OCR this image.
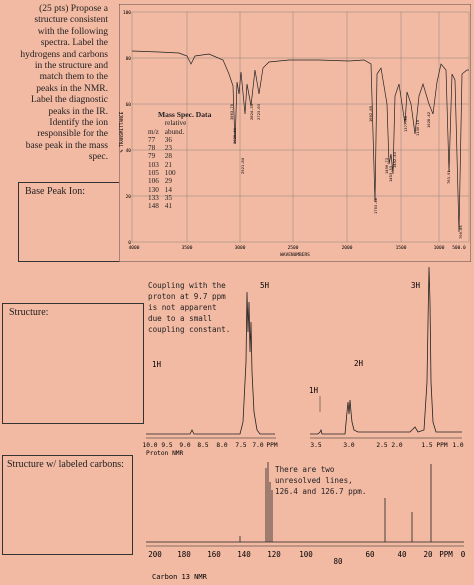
(25 pts) Propose a
structure consistent
with the following
spectra. Label the
hydrogens and carbons
in the structure and
match them to the
peaks in the NMR.
Label the diagnostic
peaks in the IR.
Identify the ion
responsible for the
base peak in the mass
spec.
Base Peak Ion:
Structure:
Structure w/ labeled carbons:
% TRANSMITTANCE
100
80
60
40
20
0
4000	3500	3000	2500	2000	1500	1000 500.0
WAVENUMBERS
3063.70
3028.41
2921.84
2824.31 2723.63
1703.48
1602.85
1496.73 1453.33
1452.43
1377.35 1130.15 1028.42
763.91
700.85
Mass Spec. Data
	relative
m/z	abund.
77	36
78	23
79	28
103	21
105	100
106	29
130	14
133	35
148	41
Coupling with the
proton at 9.7 ppm
is not apparent
due to a small
coupling constant.
1H
5H
1H
2H
3H
10.0 9.5 9.0 8.5 8.0 7.5 7.0 PPM
Proton NMR
3.5	3.0	2.5 2.0	1.5 PPM 1.0
There are two
unresolved lines,
126.4 and 126.7 ppm.
200 180 160 140 120 100
80
60	40 20 PPM 0
Carbon 13 NMR
